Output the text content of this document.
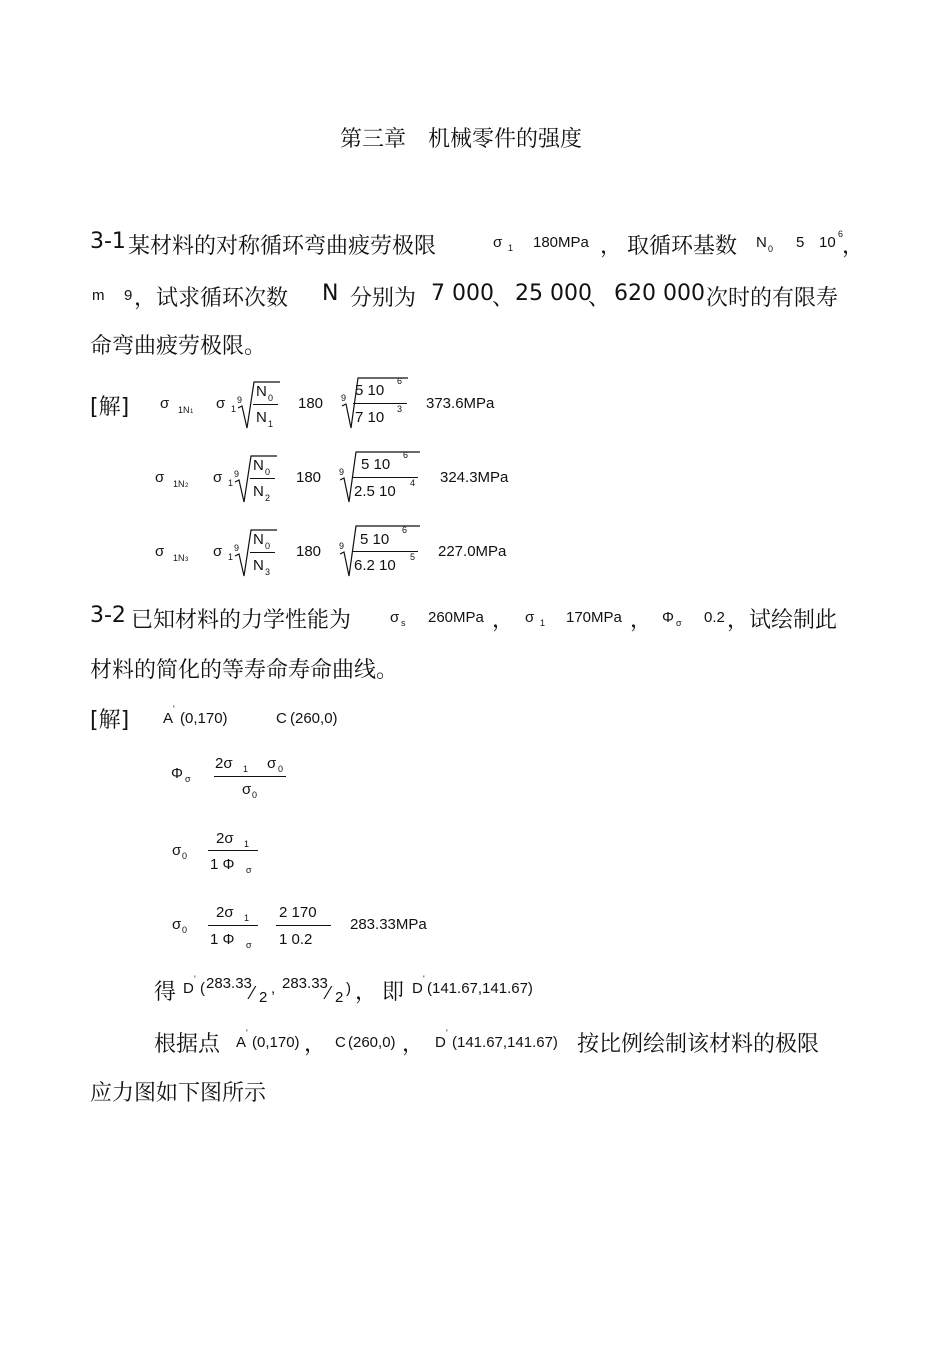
第三章　机械零件的强度
3-1 某材料的对称循环弯曲疲劳极限	σ 1 180MPa ， 取循环基数 N 0 5 10 6
，
m 9 ，试求循环次数 N 分别为 7 000
、 25 000
、 620 000 次时的有限寿
命弯曲疲劳极限。
[解] σ 1N 1 σ 1
9 N 0
N 1
180 9 5 10
6
7 10 3 373.6MPa
σ 1N 2 σ 1
9 N 0
N 2
180 9 5 10
6
2.5 10 4 324.3MPa
σ 1N 3 σ 1
9 N 0
N 3
180 9 5 10
6
6.2 10 5 227.0MPa
3-2 已知材料的力学性能为	σ s 260MPa ， σ 1 170MPa ， Φ σ 0.2 ，试绘制此
材料的简化的等寿命寿命曲线。
[解] A
'
(0,170)	C (260,0)
Φ σ
2σ 1 σ 0
σ 0
σ 0
2σ 1
1 Φ σ
σ 0
2σ 1
1 Φ σ
2 170
1 0.2
283.33MPa
得 D
'
( 283.33 ⁄ 2
, 283.33 ⁄ 2
) ， 即 D
'
(141.67,141.67)
根据点 A
'
(0,170) ， C (260,0) ， D
'
(141.67,141.67) 按比例绘制该材料的极限
应力图如下图所示
